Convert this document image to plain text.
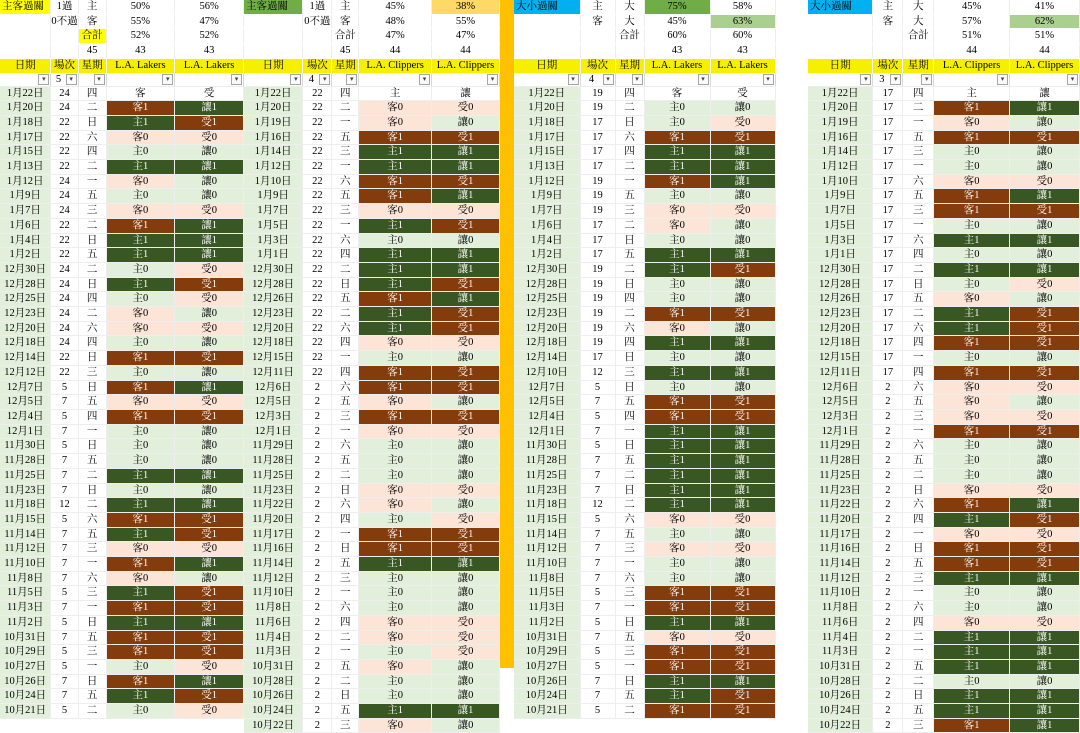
主客過關	1過	主	50%	56%
	0不過	客	55%	47%
		合計	52%	52%
		45	43	43
日期	場次	星期	L.A. Lakers	L.A. Lakers

▾	5 ▾	▾	▾	▾

1月22日	24	四	客	受
1月20日	24	二	客1	讓1
1月18日	22	日	主1	受1
1月17日	22	六	客0	受0
1月15日	22	四	主0	讓0
1月13日	22	二	主1	讓1
1月12日	24	一	客0	讓0
1月9日	24	五	主0	讓0
1月7日	24	三	客0	受0
1月6日	22	二	客1	讓1
1月4日	22	日	主1	讓1
1月2日	22	五	主1	讓1
12月30日	24	二	主0	受0
12月28日	24	日	主1	受1
12月25日	24	四	主0	受0
12月23日	24	二	客0	讓0
12月20日	24	六	客0	受0
12月18日	24	四	主0	讓0
12月14日	22	日	客1	受1
12月12日	22	三	主0	讓0
12月7日	5	日	客1	讓1
12月5日	7	五	客0	受0
12月4日	5	四	客1	受1
12月1日	7	一	主0	讓0
11月30日	5	日	主0	讓0
11月28日	7	五	主0	讓0
11月25日	7	二	主1	讓1
11月23日	7	日	主0	讓0
11月18日	12	二	主1	讓1
11月15日	5	六	客1	受1
11月14日	7	五	主1	受1
11月12日	7	三	客0	受0
11月10日	7	一	客1	讓1
11月8日	7	六	客0	讓0
11月5日	5	三	主1	受1
11月3日	7	一	客1	受1
11月2日	5	日	主1	讓1
10月31日	7	五	客1	受1
10月29日	5	三	客1	受1
10月27日	5	一	主0	受0
10月26日	7	日	客1	讓1
10月24日	7	五	主1	受1
10月21日	5	二	主0	受0
主客過關	1過	主	45%	38%
	0不過	客	48%	55%
		合計	47%	47%
		45	44	44
日期	場次	星期	L.A. Clippers	L.A. Clippers

▾	4 ▾	▾	▾	▾

1月22日	22	四	主	讓
1月20日	22	二	客0	受0
1月19日	22	一	客0	讓0
1月16日	22	五	客1	受1
1月14日	22	三	主1	讓1
1月12日	22	一	主1	讓1
1月10日	22	六	客1	受1
1月9日	22	五	客1	讓1
1月7日	22	三	客0	受0
1月5日	22	一	主1	受1
1月3日	22	六	主0	讓0
1月1日	22	四	主1	讓1
12月30日	22	二	主1	讓1
12月28日	22	日	主1	受1
12月26日	22	五	客1	讓1
12月23日	22	二	主1	受1
12月20日	22	六	主1	受1
12月18日	22	四	客0	受0
12月15日	22	一	主0	讓0
12月11日	22	四	客1	受1
12月6日	2	六	客1	受1
12月5日	2	五	客0	讓0
12月3日	2	三	客1	受1
12月1日	2	一	客0	受0
11月29日	2	六	主0	讓0
11月28日	2	五	主0	讓0
11月25日	2	二	主0	讓0
11月23日	2	日	客0	受0
11月22日	2	六	客0	讓0
11月20日	2	四	主0	受0
11月17日	2	一	客1	受1
11月16日	2	日	客1	受1
11月14日	2	五	主1	讓1
11月12日	2	三	主0	讓0
11月10日	2	一	主0	讓0
11月8日	2	六	主0	讓0
11月6日	2	四	客0	受0
11月4日	2	二	客0	受0
11月3日	2	一	主0	受0
10月31日	2	五	客0	讓0
10月28日	2	二	主0	讓0
10月26日	2	日	主0	讓0
10月24日	2	五	主1	讓1
10月22日	2	三	客0	讓0
大小過關	主	大	75%	58%
	客	大	45%	63%
		合計	60%	60%
			43	43
日期	場次	星期	L.A. Lakers	L.A. Lakers

▾	4 ▾	▾	▾	▾

1月22日	19	四	客	受
1月20日	19	二	主0	讓0
1月18日	17	日	主0	受0
1月17日	17	六	客1	受1
1月15日	17	四	主1	讓1
1月13日	17	二	主1	讓1
1月12日	19	一	客1	讓1
1月9日	19	五	主0	讓0
1月7日	19	三	客0	受0
1月6日	17	二	客0	讓0
1月4日	17	日	主0	讓0
1月2日	17	五	主1	讓1
12月30日	19	二	主1	受1
12月28日	19	日	主0	讓0
12月25日	19	四	主0	讓0
12月23日	19	二	客1	受1
12月20日	19	六	客0	讓0
12月18日	19	四	主1	讓1
12月14日	17	日	主0	讓0
12月10日	12	三	主1	讓1
12月7日	5	日	主0	讓0
12月5日	7	五	客1	受1
12月4日	5	四	客1	受1
12月1日	7	一	主1	讓1
11月30日	5	日	主1	讓1
11月28日	7	五	主1	讓1
11月25日	7	二	主1	讓1
11月23日	7	日	主1	讓1
11月18日	12	二	主1	讓1
11月15日	5	六	客0	受0
11月14日	7	五	主0	讓0
11月12日	7	三	客0	受0
11月10日	7	一	主0	讓0
11月8日	7	六	主0	讓0
11月5日	5	三	客1	受1
11月3日	7	一	客1	受1
11月2日	5	日	主1	讓1
10月31日	7	五	客0	受0
10月29日	5	三	客1	受1
10月27日	5	一	客1	受1
10月26日	7	日	主1	讓1
10月24日	7	五	主1	受1
10月21日	5	二	客1	受1
大小過關	主	大	45%	41%
	客	大	57%	62%
		合計	51%	51%
			44	44
日期	場次	星期	L.A. Clippers	L.A. Clippers

▾	3 ▾	▾	▾	▾

1月22日	17	四	主	讓
1月20日	17	二	客1	讓1
1月19日	17	一	客0	讓0
1月16日	17	五	客1	受1
1月14日	17	三	主0	讓0
1月12日	17	一	主0	讓0
1月10日	17	六	客0	受0
1月9日	17	五	客1	讓1
1月7日	17	三	客1	受1
1月5日	17	一	主0	讓0
1月3日	17	六	主1	讓1
1月1日	17	四	主0	讓0
12月30日	17	二	主1	讓1
12月28日	17	日	主0	受0
12月26日	17	五	客0	讓0
12月23日	17	二	主1	受1
12月20日	17	六	主1	受1
12月18日	17	四	客1	受1
12月15日	17	一	主0	讓0
12月11日	17	四	客1	受1
12月6日	2	六	客0	受0
12月5日	2	五	客0	讓0
12月3日	2	三	客0	受0
12月1日	2	一	客1	受1
11月29日	2	六	主0	讓0
11月28日	2	五	主0	讓0
11月25日	2	二	主0	讓0
11月23日	2	日	客0	受0
11月22日	2	六	客1	讓1
11月20日	2	四	主1	受1
11月17日	2	一	客0	受0
11月16日	2	日	客1	受1
11月14日	2	五	客1	受1
11月12日	2	三	主1	讓1
11月10日	2	一	主0	讓0
11月8日	2	六	主0	讓0
11月6日	2	四	客0	受0
11月4日	2	二	主1	讓1
11月3日	2	一	主1	讓1
10月31日	2	五	主1	讓1
10月28日	2	二	主0	讓0
10月26日	2	日	主1	讓1
10月24日	2	五	主1	讓1
10月22日	2	三	客1	讓1
